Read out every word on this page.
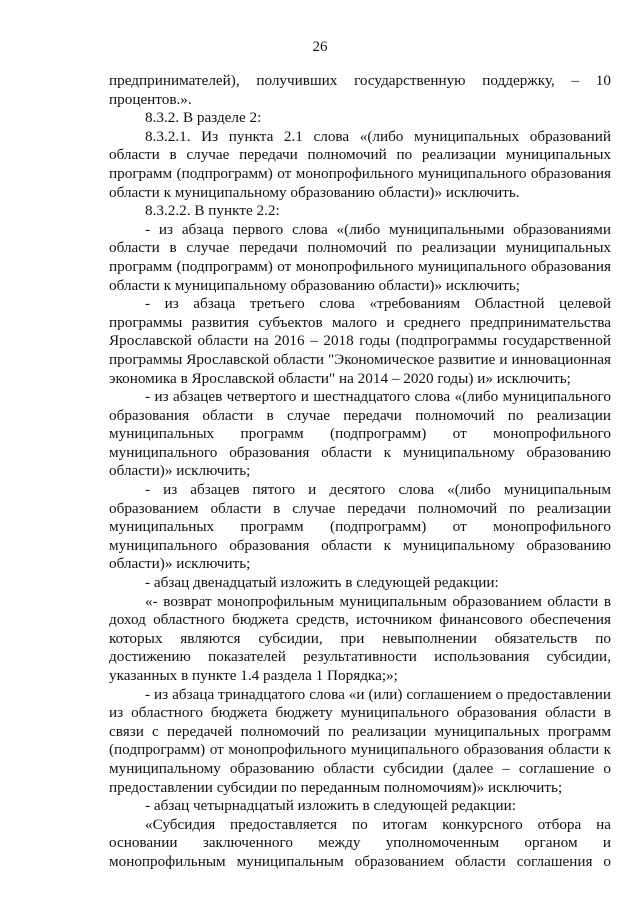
26

предпринимателей), получивших государственную поддержку, – 10 процентов.».

8.3.2. В разделе 2:

8.3.2.1. Из пункта 2.1 слова «(либо муниципальных образований области в случае передачи полномочий по реализации муниципальных программ (подпрограмм) от монопрофильного муниципального образования области к муниципальному образованию области)» исключить.

8.3.2.2. В пункте 2.2:

- из абзаца первого слова «(либо муниципальными образованиями области в случае передачи полномочий по реализации муниципальных программ (подпрограмм) от монопрофильного муниципального образования области к муниципальному образованию области)» исключить;

- из абзаца третьего слова «требованиям Областной целевой программы развития субъектов малого и среднего предпринимательства Ярославской области на 2016 – 2018 годы (подпрограммы государственной программы Ярославской области "Экономическое развитие и инновационная экономика в Ярославской области" на 2014 – 2020 годы) и» исключить;

- из абзацев четвертого и шестнадцатого слова «(либо муниципального образования области в случае передачи полномочий по реализации муниципальных программ (подпрограмм) от монопрофильного муниципального образования области к муниципальному образованию области)» исключить;

- из абзацев пятого и десятого слова «(либо муниципальным образованием области в случае передачи полномочий по реализации муниципальных программ (подпрограмм) от монопрофильного муниципального образования области к муниципальному образованию области)» исключить;

- абзац двенадцатый изложить в следующей редакции:

«- возврат монопрофильным муниципальным образованием области в доход областного бюджета средств, источником финансового обеспечения которых являются субсидии, при невыполнении обязательств по достижению показателей результативности использования субсидии, указанных в пункте 1.4 раздела 1 Порядка;»;

- из абзаца тринадцатого слова «и (или) соглашением о предоставлении из областного бюджета бюджету муниципального образования области в связи с передачей полномочий по реализации муниципальных программ (подпрограмм) от монопрофильного муниципального образования области к муниципальному образованию области субсидии (далее – соглашение о предоставлении субсидии по переданным полномочиям)» исключить;

- абзац четырнадцатый изложить в следующей редакции:

«Субсидия предоставляется по итогам конкурсного отбора на основании заключенного между уполномоченным органом и монопрофильным муниципальным образованием области соглашения о
